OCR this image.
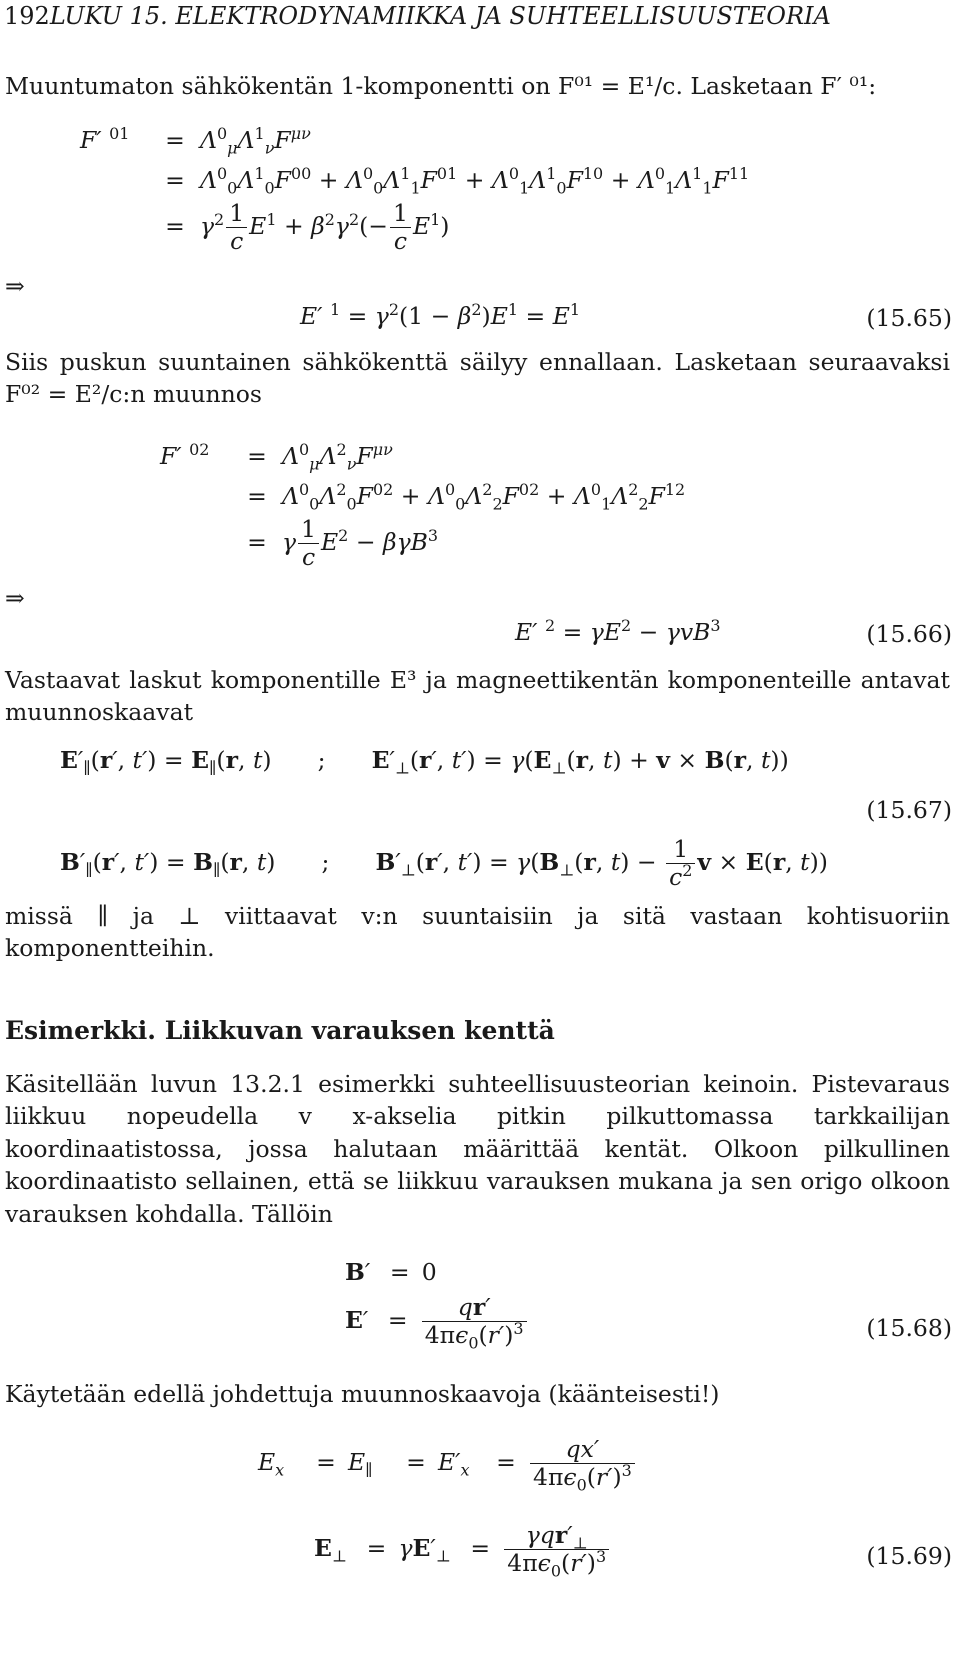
192LUKU 15. ELEKTRODYNAMIIKKA JA SUHTEELLISUUSTEORIA
Muuntumaton sähkökentän 1-komponentti on F⁰¹ = E¹/c. Lasketaan F′ ⁰¹:
F′ $^{01} = \Lambda^0_\mu\Lambda^1_\nu F^{\mu\nu}$
= $\Lambda^0_0\Lambda^1_0F^{00} + \Lambda^0_0\Lambda^1_1F^{01} + \Lambda^0_1\Lambda^1_0F^{10} + \Lambda^0_1\Lambda^1_1F^{11}$
= $\gamma^2 \frac{1}{c} E^1 + \beta^2\gamma^2(- \frac{1}{c} E^1)$
⇒
E′ $^1 = \gamma^2(1 - \beta^2)E^1 = E^1$	(15.65)
Siis puskun suuntainen sähkökenttä säilyy ennallaan. Lasketaan seuraavaksi F⁰² = E²/c:n muunnos
F′ $^{02} = \Lambda^0_\mu\Lambda^2_\nu F^{\mu\nu}$
= $\Lambda^0_0\Lambda^2_0F^{02} + \Lambda^0_0\Lambda^2_2F^{02} + \Lambda^0_1\Lambda^2_2F^{12}$
= γ $\frac{1}{c} E^2 - \beta\gamma B^3$
⇒
E′ $^2 = \gamma E^2 - \gamma vB^3$	(15.66)
Vastaavat laskut komponentille E³ ja magneettikentän komponenteille antavat muunnoskaavat
$E'_\parallel(r'$, $t') = E_\parallel(r$, t) ; $E'_\perp(r'$, $t') = \gamma(E_\perp(r$, t) + v × B(r, t))
(15.67)
$B'_\parallel(r'$, $t') = B_\parallel(r$, t) ; $B'_\perp(r'$, $t') = \gamma(B_\perp(r$, $t) - \frac{1}{c^2}$ v × E(r, t))
missä ∥ ja ⊥ viittaavat v:n suuntaisiin ja sitä vastaan kohtisuoriin komponentteihin.
Esimerkki. Liikkuvan varauksen kenttä
Käsitellään luvun 13.2.1 esimerkki suhteellisuusteorian keinoin. Pistevaraus liikkuu nopeudella v x-akselia pitkin pilkuttomassa tarkkailijan koordinaatistossa, jossa halutaan määrittää kentät. Olkoon pilkullinen koordinaatisto sellainen, että se liikkuu varauksen mukana ja sen origo olkoon varauksen kohdalla. Tällöin
B′ = 0
$E' = \frac{qr'}{4\pi\epsilon_0(r')^3}$	(15.68)
Käytetään edellä johdettuja muunnoskaavoja (käänteisesti!)
$E_x = E_\parallel = E'_x = \frac{qx'}{4\pi\epsilon_0(r')^3}$
$E_\perp = \gamma E'_\perp = \frac{\gamma qr'_\perp}{4\pi\epsilon_0(r')^3}$	(15.69)
